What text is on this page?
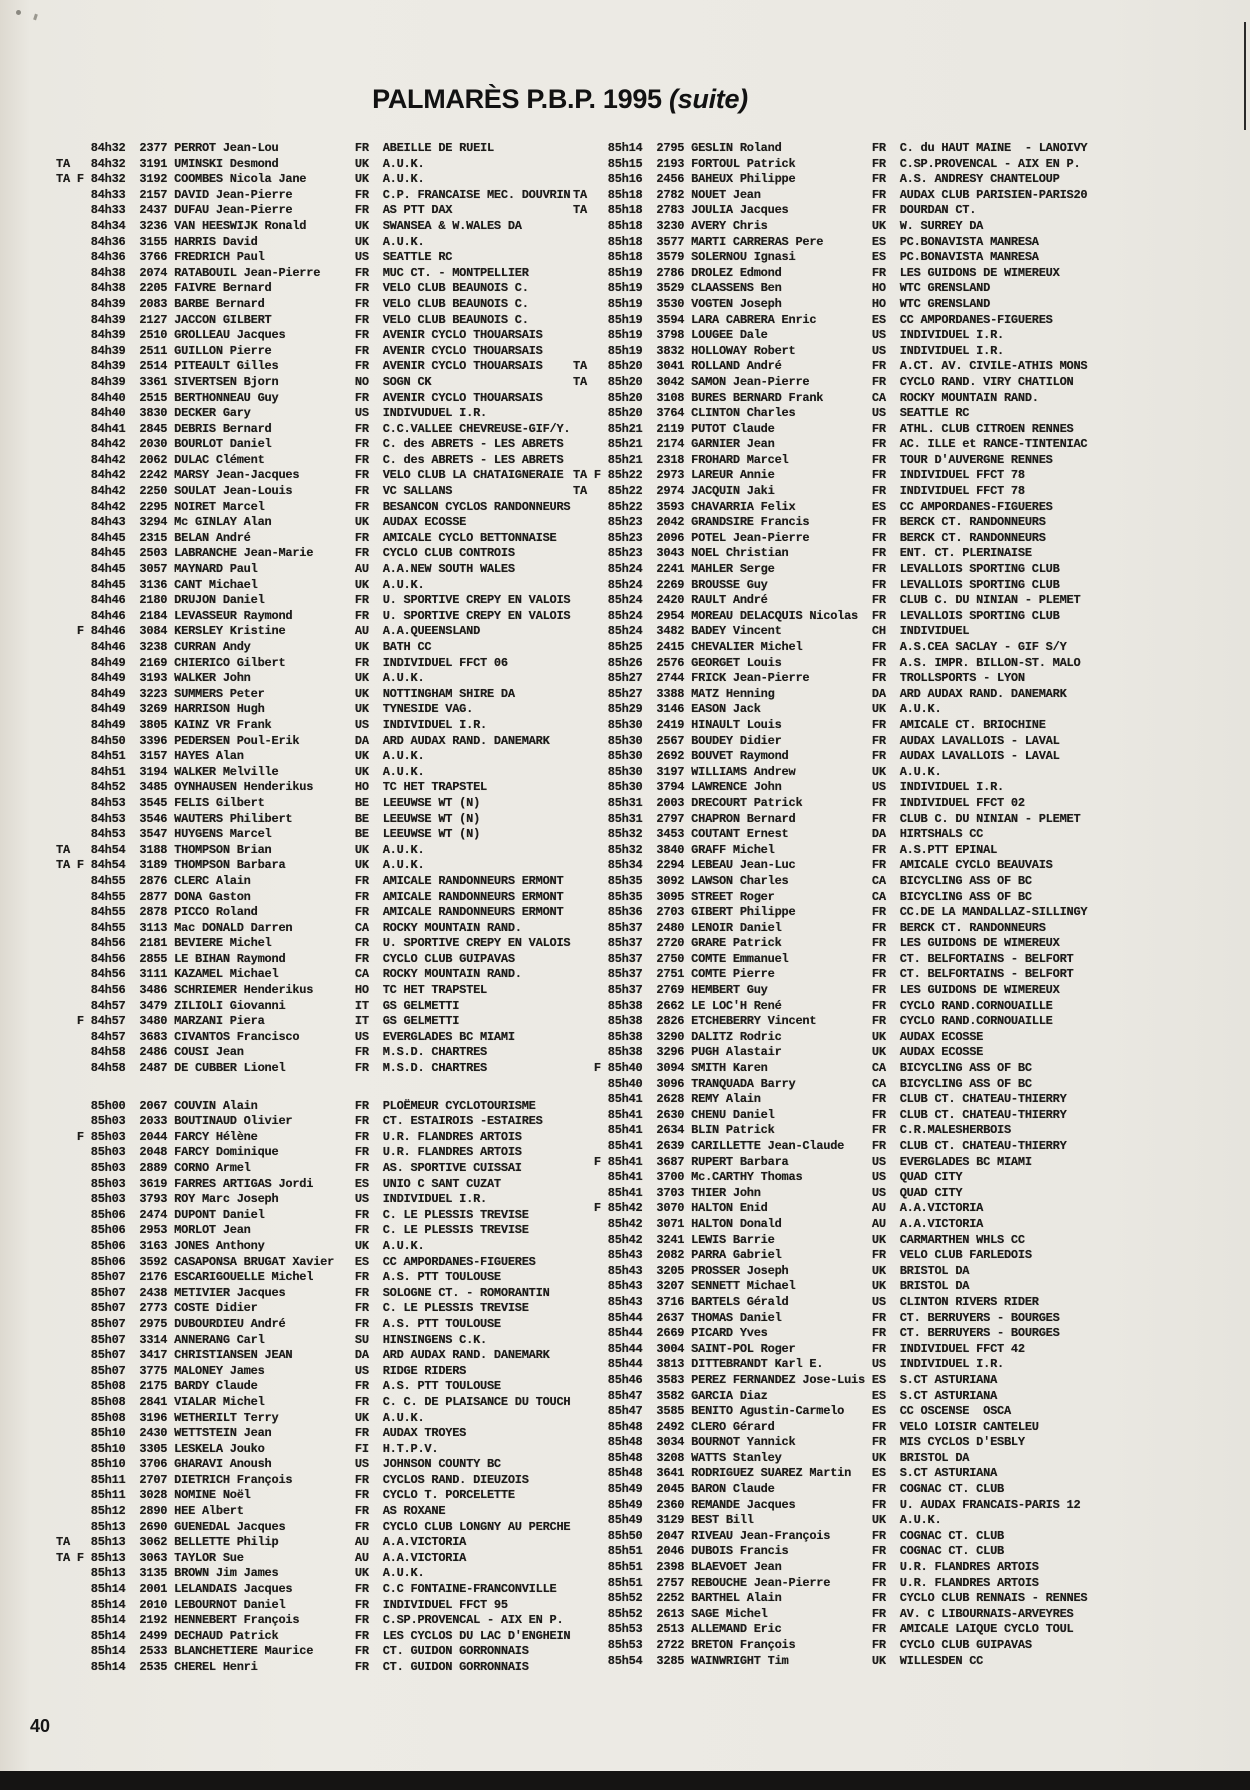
PALMARÈS P.B.P. 1995 (suite)
84h32  2377 PERROT Jean-Lou           FR  ABEILLE DE RUEIL
TA   84h32  3191 UMINSKI Desmond           UK  A.U.K.
TA F 84h32  3192 COOMBES Nicola Jane       UK  A.U.K.
84h33  2157 DAVID Jean-Pierre         FR  C.P. FRANCAISE MEC. DOUVRIN
84h33  2437 DUFAU Jean-Pierre         FR  AS PTT DAX
84h34  3236 VAN HEESWIJK Ronald       UK  SWANSEA & W.WALES DA
84h36  3155 HARRIS David              UK  A.U.K.
84h36  3766 FREDRICH Paul             US  SEATTLE RC
84h38  2074 RATABOUIL Jean-Pierre     FR  MUC CT. - MONTPELLIER
84h38  2205 FAIVRE Bernard            FR  VELO CLUB BEAUNOIS C.
84h39  2083 BARBE Bernard             FR  VELO CLUB BEAUNOIS C.
84h39  2127 JACCON GILBERT            FR  VELO CLUB BEAUNOIS C.
84h39  2510 GROLLEAU Jacques          FR  AVENIR CYCLO THOUARSAIS
84h39  2511 GUILLON Pierre            FR  AVENIR CYCLO THOUARSAIS
84h39  2514 PITEAULT Gilles           FR  AVENIR CYCLO THOUARSAIS
84h39  3361 SIVERTSEN Bjorn           NO  SOGN CK
84h40  2515 BERTHONNEAU Guy           FR  AVENIR CYCLO THOUARSAIS
84h40  3830 DECKER Gary               US  INDIVUDUEL I.R.
84h41  2845 DEBRIS Bernard            FR  C.C.VALLEE CHEVREUSE-GIF/Y.
84h42  2030 BOURLOT Daniel            FR  C. des ABRETS - LES ABRETS
84h42  2062 DULAC Clément             FR  C. des ABRETS - LES ABRETS
84h42  2242 MARSY Jean-Jacques        FR  VELO CLUB LA CHATAIGNERAIE
84h42  2250 SOULAT Jean-Louis         FR  VC SALLANS
84h42  2295 NOIRET Marcel             FR  BESANCON CYCLOS RANDONNEURS
84h43  3294 Mc GINLAY Alan            UK  AUDAX ECOSSE
84h45  2315 BELAN André               FR  AMICALE CYCLO BETTONNAISE
84h45  2503 LABRANCHE Jean-Marie      FR  CYCLO CLUB CONTROIS
84h45  3057 MAYNARD Paul              AU  A.A.NEW SOUTH WALES
84h45  3136 CANT Michael              UK  A.U.K.
84h46  2180 DRUJON Daniel             FR  U. SPORTIVE CREPY EN VALOIS
84h46  2184 LEVASSEUR Raymond         FR  U. SPORTIVE CREPY EN VALOIS
F 84h46  3084 KERSLEY Kristine          AU  A.A.QUEENSLAND
84h46  3238 CURRAN Andy               UK  BATH CC
84h49  2169 CHIERICO Gilbert          FR  INDIVIDUEL FFCT 06
84h49  3193 WALKER John               UK  A.U.K.
84h49  3223 SUMMERS Peter             UK  NOTTINGHAM SHIRE DA
84h49  3269 HARRISON Hugh             UK  TYNESIDE VAG.
84h49  3805 KAINZ VR Frank            US  INDIVIDUEL I.R.
84h50  3396 PEDERSEN Poul-Erik        DA  ARD AUDAX RAND. DANEMARK
84h51  3157 HAYES Alan                UK  A.U.K.
84h51  3194 WALKER Melville           UK  A.U.K.
84h52  3485 OYNHAUSEN Henderikus      HO  TC HET TRAPSTEL
84h53  3545 FELIS Gilbert             BE  LEEUWSE WT (N)
84h53  3546 WAUTERS Philibert         BE  LEEUWSE WT (N)
84h53  3547 HUYGENS Marcel            BE  LEEUWSE WT (N)
TA   84h54  3188 THOMPSON Brian            UK  A.U.K.
TA F 84h54  3189 THOMPSON Barbara          UK  A.U.K.
84h55  2876 CLERC Alain               FR  AMICALE RANDONNEURS ERMONT
84h55  2877 DONA Gaston               FR  AMICALE RANDONNEURS ERMONT
84h55  2878 PICCO Roland              FR  AMICALE RANDONNEURS ERMONT
84h55  3113 Mac DONALD Darren         CA  ROCKY MOUNTAIN RAND.
84h56  2181 BEVIERE Michel            FR  U. SPORTIVE CREPY EN VALOIS
84h56  2855 LE BIHAN Raymond          FR  CYCLO CLUB GUIPAVAS
84h56  3111 KAZAMEL Michael           CA  ROCKY MOUNTAIN RAND.
84h56  3486 SCHRIEMER Henderikus      HO  TC HET TRAPSTEL
84h57  3479 ZILIOLI Giovanni          IT  GS GELMETTI
F 84h57  3480 MARZANI Piera             IT  GS GELMETTI
84h57  3683 CIVANTOS Francisco        US  EVERGLADES BC MIAMI
84h58  2486 COUSI Jean                FR  M.S.D. CHARTRES
84h58  2487 DE CUBBER Lionel          FR  M.S.D. CHARTRES
85h00  2067 COUVIN Alain              FR  PLOËMEUR CYCLOTOURISME
85h03  2033 BOUTINAUD Olivier         FR  CT. ESTAIROIS -ESTAIRES
F 85h03  2044 FARCY Hélène              FR  U.R. FLANDRES ARTOIS
85h03  2048 FARCY Dominique           FR  U.R. FLANDRES ARTOIS
85h03  2889 CORNO Armel               FR  AS. SPORTIVE CUISSAI
85h03  3619 FARRES ARTIGAS Jordi      ES  UNIO C SANT CUZAT
85h03  3793 ROY Marc Joseph           US  INDIVIDUEL I.R.
85h06  2474 DUPONT Daniel             FR  C. LE PLESSIS TREVISE
85h06  2953 MORLOT Jean               FR  C. LE PLESSIS TREVISE
85h06  3163 JONES Anthony             UK  A.U.K.
85h06  3592 CASAPONSA BRUGAT Xavier   ES  CC AMPORDANES-FIGUERES
85h07  2176 ESCARIGOUELLE Michel      FR  A.S. PTT TOULOUSE
85h07  2438 METIVIER Jacques          FR  SOLOGNE CT. - ROMORANTIN
85h07  2773 COSTE Didier              FR  C. LE PLESSIS TREVISE
85h07  2975 DUBOURDIEU André          FR  A.S. PTT TOULOUSE
85h07  3314 ANNERANG Carl             SU  HINSINGENS C.K.
85h07  3417 CHRISTIANSEN JEAN         DA  ARD AUDAX RAND. DANEMARK
85h07  3775 MALONEY James             US  RIDGE RIDERS
85h08  2175 BARDY Claude              FR  A.S. PTT TOULOUSE
85h08  2841 VIALAR Michel             FR  C. C. DE PLAISANCE DU TOUCH
85h08  3196 WETHERILT Terry           UK  A.U.K.
85h10  2430 WETTSTEIN Jean            FR  AUDAX TROYES
85h10  3305 LESKELA Jouko             FI  H.T.P.V.
85h10  3706 GHARAVI Anoush            US  JOHNSON COUNTY BC
85h11  2707 DIETRICH François         FR  CYCLOS RAND. DIEUZOIS
85h11  3028 NOMINE Noël               FR  CYCLO T. PORCELETTE
85h12  2890 HEE Albert                FR  AS ROXANE
85h13  2690 GUENEDAL Jacques          FR  CYCLO CLUB LONGNY AU PERCHE
TA   85h13  3062 BELLETTE Philip           AU  A.A.VICTORIA
TA F 85h13  3063 TAYLOR Sue                AU  A.A.VICTORIA
85h13  3135 BROWN Jim James           UK  A.U.K.
85h14  2001 LELANDAIS Jacques         FR  C.C FONTAINE-FRANCONVILLE
85h14  2010 LEBOURNOT Daniel          FR  INDIVIDUEL FFCT 95
85h14  2192 HENNEBERT François        FR  C.SP.PROVENCAL - AIX EN P.
85h14  2499 DECHAUD Patrick           FR  LES CYCLOS DU LAC D'ENGHEIN
85h14  2533 BLANCHETIERE Maurice      FR  CT. GUIDON GORRONNAIS
85h14  2535 CHEREL Henri              FR  CT. GUIDON GORRONNAIS
85h14  2795 GESLIN Roland             FR  C. du HAUT MAINE  - LANOIVY
85h15  2193 FORTOUL Patrick           FR  C.SP.PROVENCAL - AIX EN P.
85h16  2456 BAHEUX Philippe           FR  A.S. ANDRESY CHANTELOUP
TA   85h18  2782 NOUET Jean                FR  AUDAX CLUB PARISIEN-PARIS20
TA   85h18  2783 JOULIA Jacques            FR  DOURDAN CT.
85h18  3230 AVERY Chris               UK  W. SURREY DA
85h18  3577 MARTI CARRERAS Pere       ES  PC.BONAVISTA MANRESA
85h18  3579 SOLERNOU Ignasi           ES  PC.BONAVISTA MANRESA
85h19  2786 DROLEZ Edmond             FR  LES GUIDONS DE WIMEREUX
85h19  3529 CLAASSENS Ben             HO  WTC GRENSLAND
85h19  3530 VOGTEN Joseph             HO  WTC GRENSLAND
85h19  3594 LARA CABRERA Enric        ES  CC AMPORDANES-FIGUERES
85h19  3798 LOUGEE Dale               US  INDIVIDUEL I.R.
85h19  3832 HOLLOWAY Robert           US  INDIVIDUEL I.R.
TA   85h20  3041 ROLLAND André             FR  A.CT. AV. CIVILE-ATHIS MONS
TA   85h20  3042 SAMON Jean-Pierre         FR  CYCLO RAND. VIRY CHATILON
85h20  3108 BURES BERNARD Frank       CA  ROCKY MOUNTAIN RAND.
85h20  3764 CLINTON Charles           US  SEATTLE RC
85h21  2119 PUTOT Claude              FR  ATHL. CLUB CITROEN RENNES
85h21  2174 GARNIER Jean              FR  AC. ILLE et RANCE-TINTENIAC
85h21  2318 FROHARD Marcel            FR  TOUR D'AUVERGNE RENNES
TA F 85h22  2973 LAREUR Annie              FR  INDIVIDUEL FFCT 78
TA   85h22  2974 JACQUIN Jaki              FR  INDIVIDUEL FFCT 78
85h22  3593 CHAVARRIA Felix           ES  CC AMPORDANES-FIGUERES
85h23  2042 GRANDSIRE Francis         FR  BERCK CT. RANDONNEURS
85h23  2096 POTEL Jean-Pierre         FR  BERCK CT. RANDONNEURS
85h23  3043 NOEL Christian            FR  ENT. CT. PLERINAISE
85h24  2241 MAHLER Serge              FR  LEVALLOIS SPORTING CLUB
85h24  2269 BROUSSE Guy               FR  LEVALLOIS SPORTING CLUB
85h24  2420 RAULT André               FR  CLUB C. DU NINIAN - PLEMET
85h24  2954 MOREAU DELACQUIS Nicolas  FR  LEVALLOIS SPORTING CLUB
85h24  3482 BADEY Vincent             CH  INDIVIDUEL
85h25  2415 CHEVALIER Michel          FR  A.S.CEA SACLAY - GIF S/Y
85h26  2576 GEORGET Louis             FR  A.S. IMPR. BILLON-ST. MALO
85h27  2744 FRICK Jean-Pierre         FR  TROLLSPORTS - LYON
85h27  3388 MATZ Henning              DA  ARD AUDAX RAND. DANEMARK
85h29  3146 EASON Jack                UK  A.U.K.
85h30  2419 HINAULT Louis             FR  AMICALE CT. BRIOCHINE
85h30  2567 BOUDEY Didier             FR  AUDAX LAVALLOIS - LAVAL
85h30  2692 BOUVET Raymond            FR  AUDAX LAVALLOIS - LAVAL
85h30  3197 WILLIAMS Andrew           UK  A.U.K.
85h30  3794 LAWRENCE John             US  INDIVIDUEL I.R.
85h31  2003 DRECOURT Patrick          FR  INDIVIDUEL FFCT 02
85h31  2797 CHAPRON Bernard           FR  CLUB C. DU NINIAN - PLEMET
85h32  3453 COUTANT Ernest            DA  HIRTSHALS CC
85h32  3840 GRAFF Michel              FR  A.S.PTT EPINAL
85h34  2294 LEBEAU Jean-Luc           FR  AMICALE CYCLO BEAUVAIS
85h35  3092 LAWSON Charles            CA  BICYCLING ASS OF BC
85h35  3095 STREET Roger              CA  BICYCLING ASS OF BC
85h36  2703 GIBERT Philippe           FR  CC.DE LA MANDALLAZ-SILLINGY
85h37  2480 LENOIR Daniel             FR  BERCK CT. RANDONNEURS
85h37  2720 GRARE Patrick             FR  LES GUIDONS DE WIMEREUX
85h37  2750 COMTE Emmanuel            FR  CT. BELFORTAINS - BELFORT
85h37  2751 COMTE Pierre              FR  CT. BELFORTAINS - BELFORT
85h37  2769 HEMBERT Guy               FR  LES GUIDONS DE WIMEREUX
85h38  2662 LE LOC'H René             FR  CYCLO RAND.CORNOUAILLE
85h38  2826 ETCHEBERRY Vincent        FR  CYCLO RAND.CORNOUAILLE
85h38  3290 DALITZ Rodric             UK  AUDAX ECOSSE
85h38  3296 PUGH Alastair             UK  AUDAX ECOSSE
F 85h40  3094 SMITH Karen               CA  BICYCLING ASS OF BC
85h40  3096 TRANQUADA Barry           CA  BICYCLING ASS OF BC
85h41  2628 REMY Alain                FR  CLUB CT. CHATEAU-THIERRY
85h41  2630 CHENU Daniel              FR  CLUB CT. CHATEAU-THIERRY
85h41  2634 BLIN Patrick              FR  C.R.MALESHERBOIS
85h41  2639 CARILLETTE Jean-Claude    FR  CLUB CT. CHATEAU-THIERRY
F 85h41  3687 RUPERT Barbara            US  EVERGLADES BC MIAMI
85h41  3700 Mc.CARTHY Thomas          US  QUAD CITY
85h41  3703 THIER John                US  QUAD CITY
F 85h42  3070 HALTON Enid               AU  A.A.VICTORIA
85h42  3071 HALTON Donald             AU  A.A.VICTORIA
85h42  3241 LEWIS Barrie              UK  CARMARTHEN WHLS CC
85h43  2082 PARRA Gabriel             FR  VELO CLUB FARLEDOIS
85h43  3205 PROSSER Joseph            UK  BRISTOL DA
85h43  3207 SENNETT Michael           UK  BRISTOL DA
85h43  3716 BARTELS Gérald            US  CLINTON RIVERS RIDER
85h44  2637 THOMAS Daniel             FR  CT. BERRUYERS - BOURGES
85h44  2669 PICARD Yves               FR  CT. BERRUYERS - BOURGES
85h44  3004 SAINT-POL Roger           FR  INDIVIDUEL FFCT 42
85h44  3813 DITTEBRANDT Karl E.       US  INDIVIDUEL I.R.
85h46  3583 PEREZ FERNANDEZ Jose-Luis ES  S.CT ASTURIANA
85h47  3582 GARCIA Diaz               ES  S.CT ASTURIANA
85h47  3585 BENITO Agustin-Carmelo    ES  CC OSCENSE  OSCA
85h48  2492 CLERO Gérard              FR  VELO LOISIR CANTELEU
85h48  3034 BOURNOT Yannick           FR  MIS CYCLOS D'ESBLY
85h48  3208 WATTS Stanley             UK  BRISTOL DA
85h48  3641 RODRIGUEZ SUAREZ Martin   ES  S.CT ASTURIANA
85h49  2045 BARON Claude              FR  COGNAC CT. CLUB
85h49  2360 REMANDE Jacques           FR  U. AUDAX FRANCAIS-PARIS 12
85h49  3129 BEST Bill                 UK  A.U.K.
85h50  2047 RIVEAU Jean-François      FR  COGNAC CT. CLUB
85h51  2046 DUBOIS Francis            FR  COGNAC CT. CLUB
85h51  2398 BLAEVOET Jean             FR  U.R. FLANDRES ARTOIS
85h51  2757 REBOUCHE Jean-Pierre      FR  U.R. FLANDRES ARTOIS
85h52  2252 BARTHEL Alain             FR  CYCLO CLUB RENNAIS - RENNES
85h52  2613 SAGE Michel               FR  AV. C LIBOURNAIS-ARVEYRES
85h53  2513 ALLEMAND Eric             FR  AMICALE LAIQUE CYCLO TOUL
85h53  2722 BRETON François           FR  CYCLO CLUB GUIPAVAS
85h54  3285 WAINWRIGHT Tim            UK  WILLESDEN CC
40
